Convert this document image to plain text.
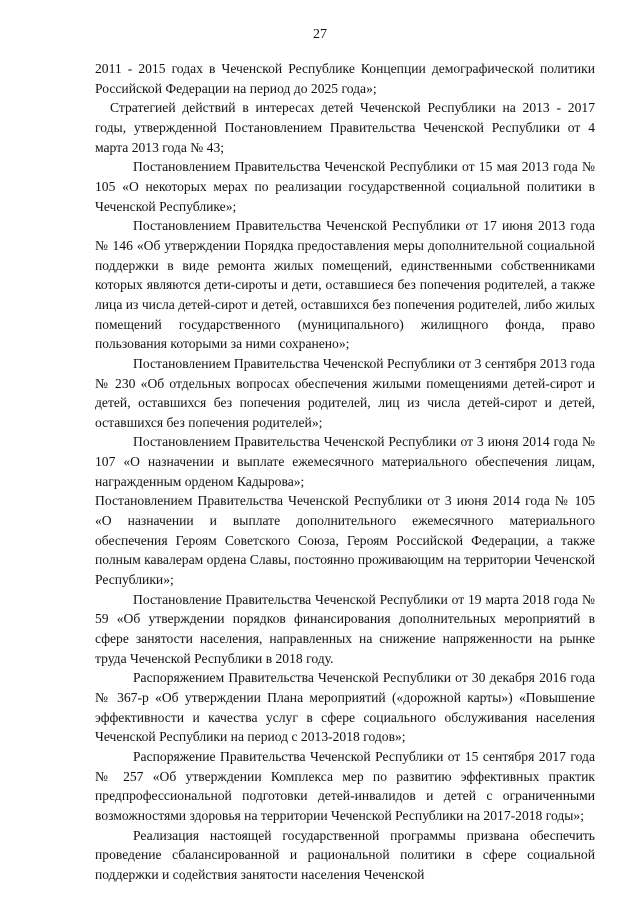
27

2011 - 2015 годах в Чеченской Республике Концепции демографической политики Российской Федерации на период до 2025 года»;

Стратегией действий в интересах детей Чеченской Республики на 2013 - 2017 годы, утвержденной Постановлением Правительства Чеченской Республики от 4 марта 2013 года № 43;

Постановлением Правительства Чеченской Республики от 15 мая 2013 года № 105 «О некоторых мерах по реализации государственной социальной политики в Чеченской Республике»;

Постановлением Правительства Чеченской Республики от 17 июня 2013 года № 146 «Об утверждении Порядка предоставления меры дополнительной социальной поддержки в виде ремонта жилых помещений, единственными собственниками которых являются дети-сироты и дети, оставшиеся без попечения родителей, а также лица из числа детей-сирот и детей, оставшихся без попечения родителей, либо жилых помещений государственного (муниципального) жилищного фонда, право пользования которыми за ними сохранено»;

Постановлением Правительства Чеченской Республики от 3 сентября 2013 года № 230 «Об отдельных вопросах обеспечения жилыми помещениями детей-сирот и детей, оставшихся без попечения родителей, лиц из числа детей-сирот и детей, оставшихся без попечения родителей»;

Постановлением Правительства Чеченской Республики от 3 июня 2014 года № 107 «О назначении и выплате ежемесячного материального обеспечения лицам, награжденным орденом Кадырова»;

Постановлением Правительства Чеченской Республики от 3 июня 2014 года № 105 «О назначении и выплате дополнительного ежемесячного материального обеспечения Героям Советского Союза, Героям Российской Федерации, а также полным кавалерам ордена Славы, постоянно проживающим на территории Чеченской Республики»;

Постановление Правительства Чеченской Республики от 19 марта 2018 года № 59 «Об утверждении порядков финансирования дополнительных мероприятий в сфере занятости населения, направленных на снижение напряженности на рынке труда Чеченской Республики в 2018 году.

Распоряжением Правительства Чеченской Республики от 30 декабря 2016 года № 367-р «Об утверждении Плана мероприятий («дорожной карты») «Повышение эффективности и качества услуг в сфере социального обслуживания населения Чеченской Республики на период с 2013-2018 годов»;

Распоряжение Правительства Чеченской Республики от 15 сентября 2017 года № 257 «Об утверждении Комплекса мер по развитию эффективных практик предпрофессиональной подготовки детей-инвалидов и детей с ограниченными возможностями здоровья на территории Чеченской Республики на 2017-2018 годы»;

Реализация настоящей государственной программы призвана обеспечить проведение сбалансированной и рациональной политики в сфере социальной поддержки и содействия занятости населения Чеченской
